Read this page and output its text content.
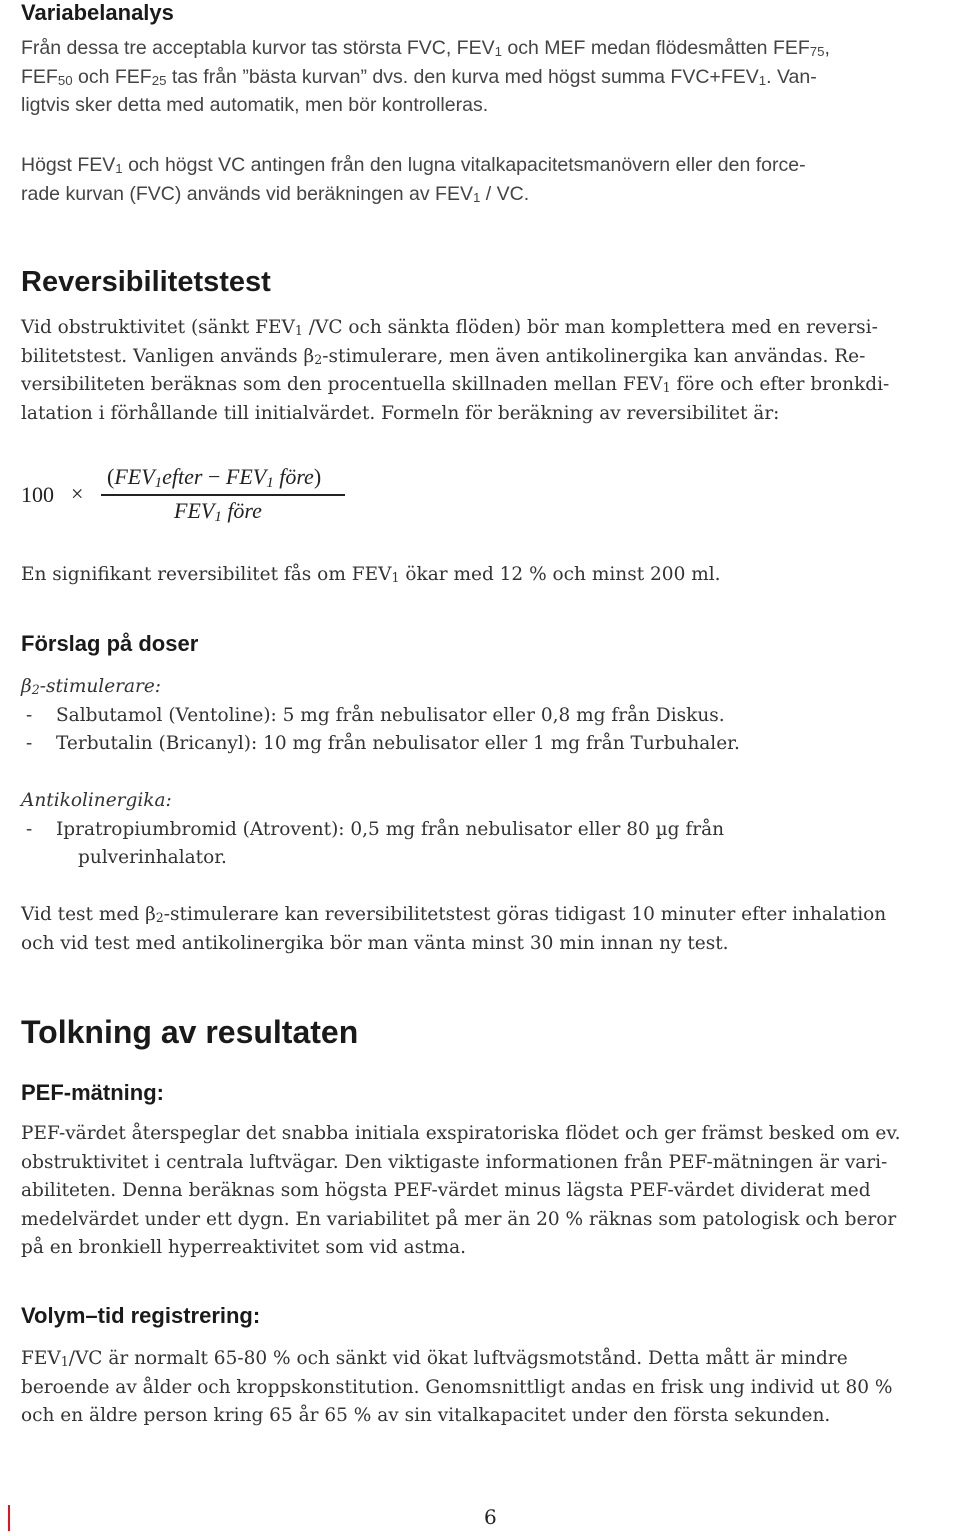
Variabelanalys
Från dessa tre acceptabla kurvor tas största FVC, FEV1 och MEF medan flödesmåtten FEF75,
FEF50 och FEF25 tas från ”bästa kurvan” dvs. den kurva med högst summa FVC+FEV1. Van-
ligtvis sker detta med automatik, men bör kontrolleras.
Högst FEV1 och högst VC antingen från den lugna vitalkapacitetsmanövern eller den force-
rade kurvan (FVC) används vid beräkningen av FEV1 / VC.
Reversibilitetstest
Vid obstruktivitet (sänkt FEV1 /VC och sänkta flöden) bör man komplettera med en reversi-
bilitetstest. Vanligen används β2-stimulerare, men även antikolinergika kan användas. Re-
versibiliteten beräknas som den procentuella skillnaden mellan FEV1 före och efter bronkdi-
latation i förhållande till initialvärdet. Formeln för beräkning av reversibilitet är:
100 ×
(FEV1efter − FEV1 före)
FEV1 före
En signifikant reversibilitet fås om FEV1 ökar med 12 % och minst 200 ml.
Förslag på doser
β2-stimulerare:
- Salbutamol (Ventoline): 5 mg från nebulisator eller 0,8 mg från Diskus.
- Terbutalin (Bricanyl): 10 mg från nebulisator eller 1 mg från Turbuhaler.
Antikolinergika:
- Ipratropiumbromid (Atrovent): 0,5 mg från nebulisator eller 80 µg från
pulverinhalator.
Vid test med β2-stimulerare kan reversibilitetstest göras tidigast 10 minuter efter inhalation
och vid test med antikolinergika bör man vänta minst 30 min innan ny test.
Tolkning av resultaten
PEF-mätning:
PEF-värdet återspeglar det snabba initiala exspiratoriska flödet och ger främst besked om ev.
obstruktivitet i centrala luftvägar. Den viktigaste informationen från PEF-mätningen är vari-
abiliteten. Denna beräknas som högsta PEF-värdet minus lägsta PEF-värdet dividerat med
medelvärdet under ett dygn. En variabilitet på mer än 20 % räknas som patologisk och beror
på en bronkiell hyperreaktivitet som vid astma.
Volym–tid registrering:
FEV1/VC är normalt 65-80 % och sänkt vid ökat luftvägsmotstånd. Detta mått är mindre
beroende av ålder och kroppskonstitution. Genomsnittligt andas en frisk ung individ ut 80 %
och en äldre person kring 65 år 65 % av sin vitalkapacitet under den första sekunden.
6
